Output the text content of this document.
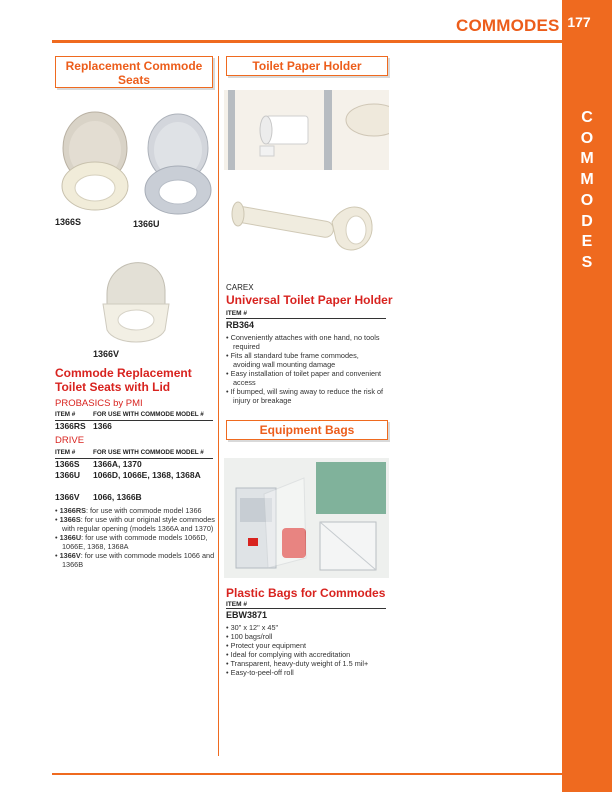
COMMODES 177
C
O
M
M
O
D
E
S
Replacement Commode Seats
1366S	1366U
1366V
Commode Replacement Toilet Seats with Lid
PROBASICS by PMI
ITEM #	FOR USE WITH COMMODE MODEL #
1366RS 1366
DRIVE
ITEM #	FOR USE WITH COMMODE MODEL #
1366S 1366A, 1370
1366U 1066D, 1066E, 1368, 1368A
1366V 1066, 1366B
• 1366RS: for use with commode model 1366
• 1366S: for use with our original style commodes with regular opening (models 1366A and 1370)
• 1366U: for use with commode models 1066D, 1066E, 1368, 1368A
• 1366V: for use with commode models 1066 and 1366B
Toilet Paper Holder
CAREX
Universal Toilet Paper Holder
ITEM #
RB364
• Conveniently attaches with one hand, no tools required
• Fits all standard tube frame commodes, avoiding wall mounting damage
• Easy installation of toilet paper and convenient access
• If bumped, will swing away to reduce the risk of injury or breakage
Equipment Bags
Plastic Bags for Commodes
ITEM #
EBW3871
• 30" x 12" x 45"
• 100 bags/roll
• Protect your equipment
• Ideal for complying with accreditation
• Transparent, heavy-duty weight of 1.5 mil+
• Easy-to-peel-off roll
